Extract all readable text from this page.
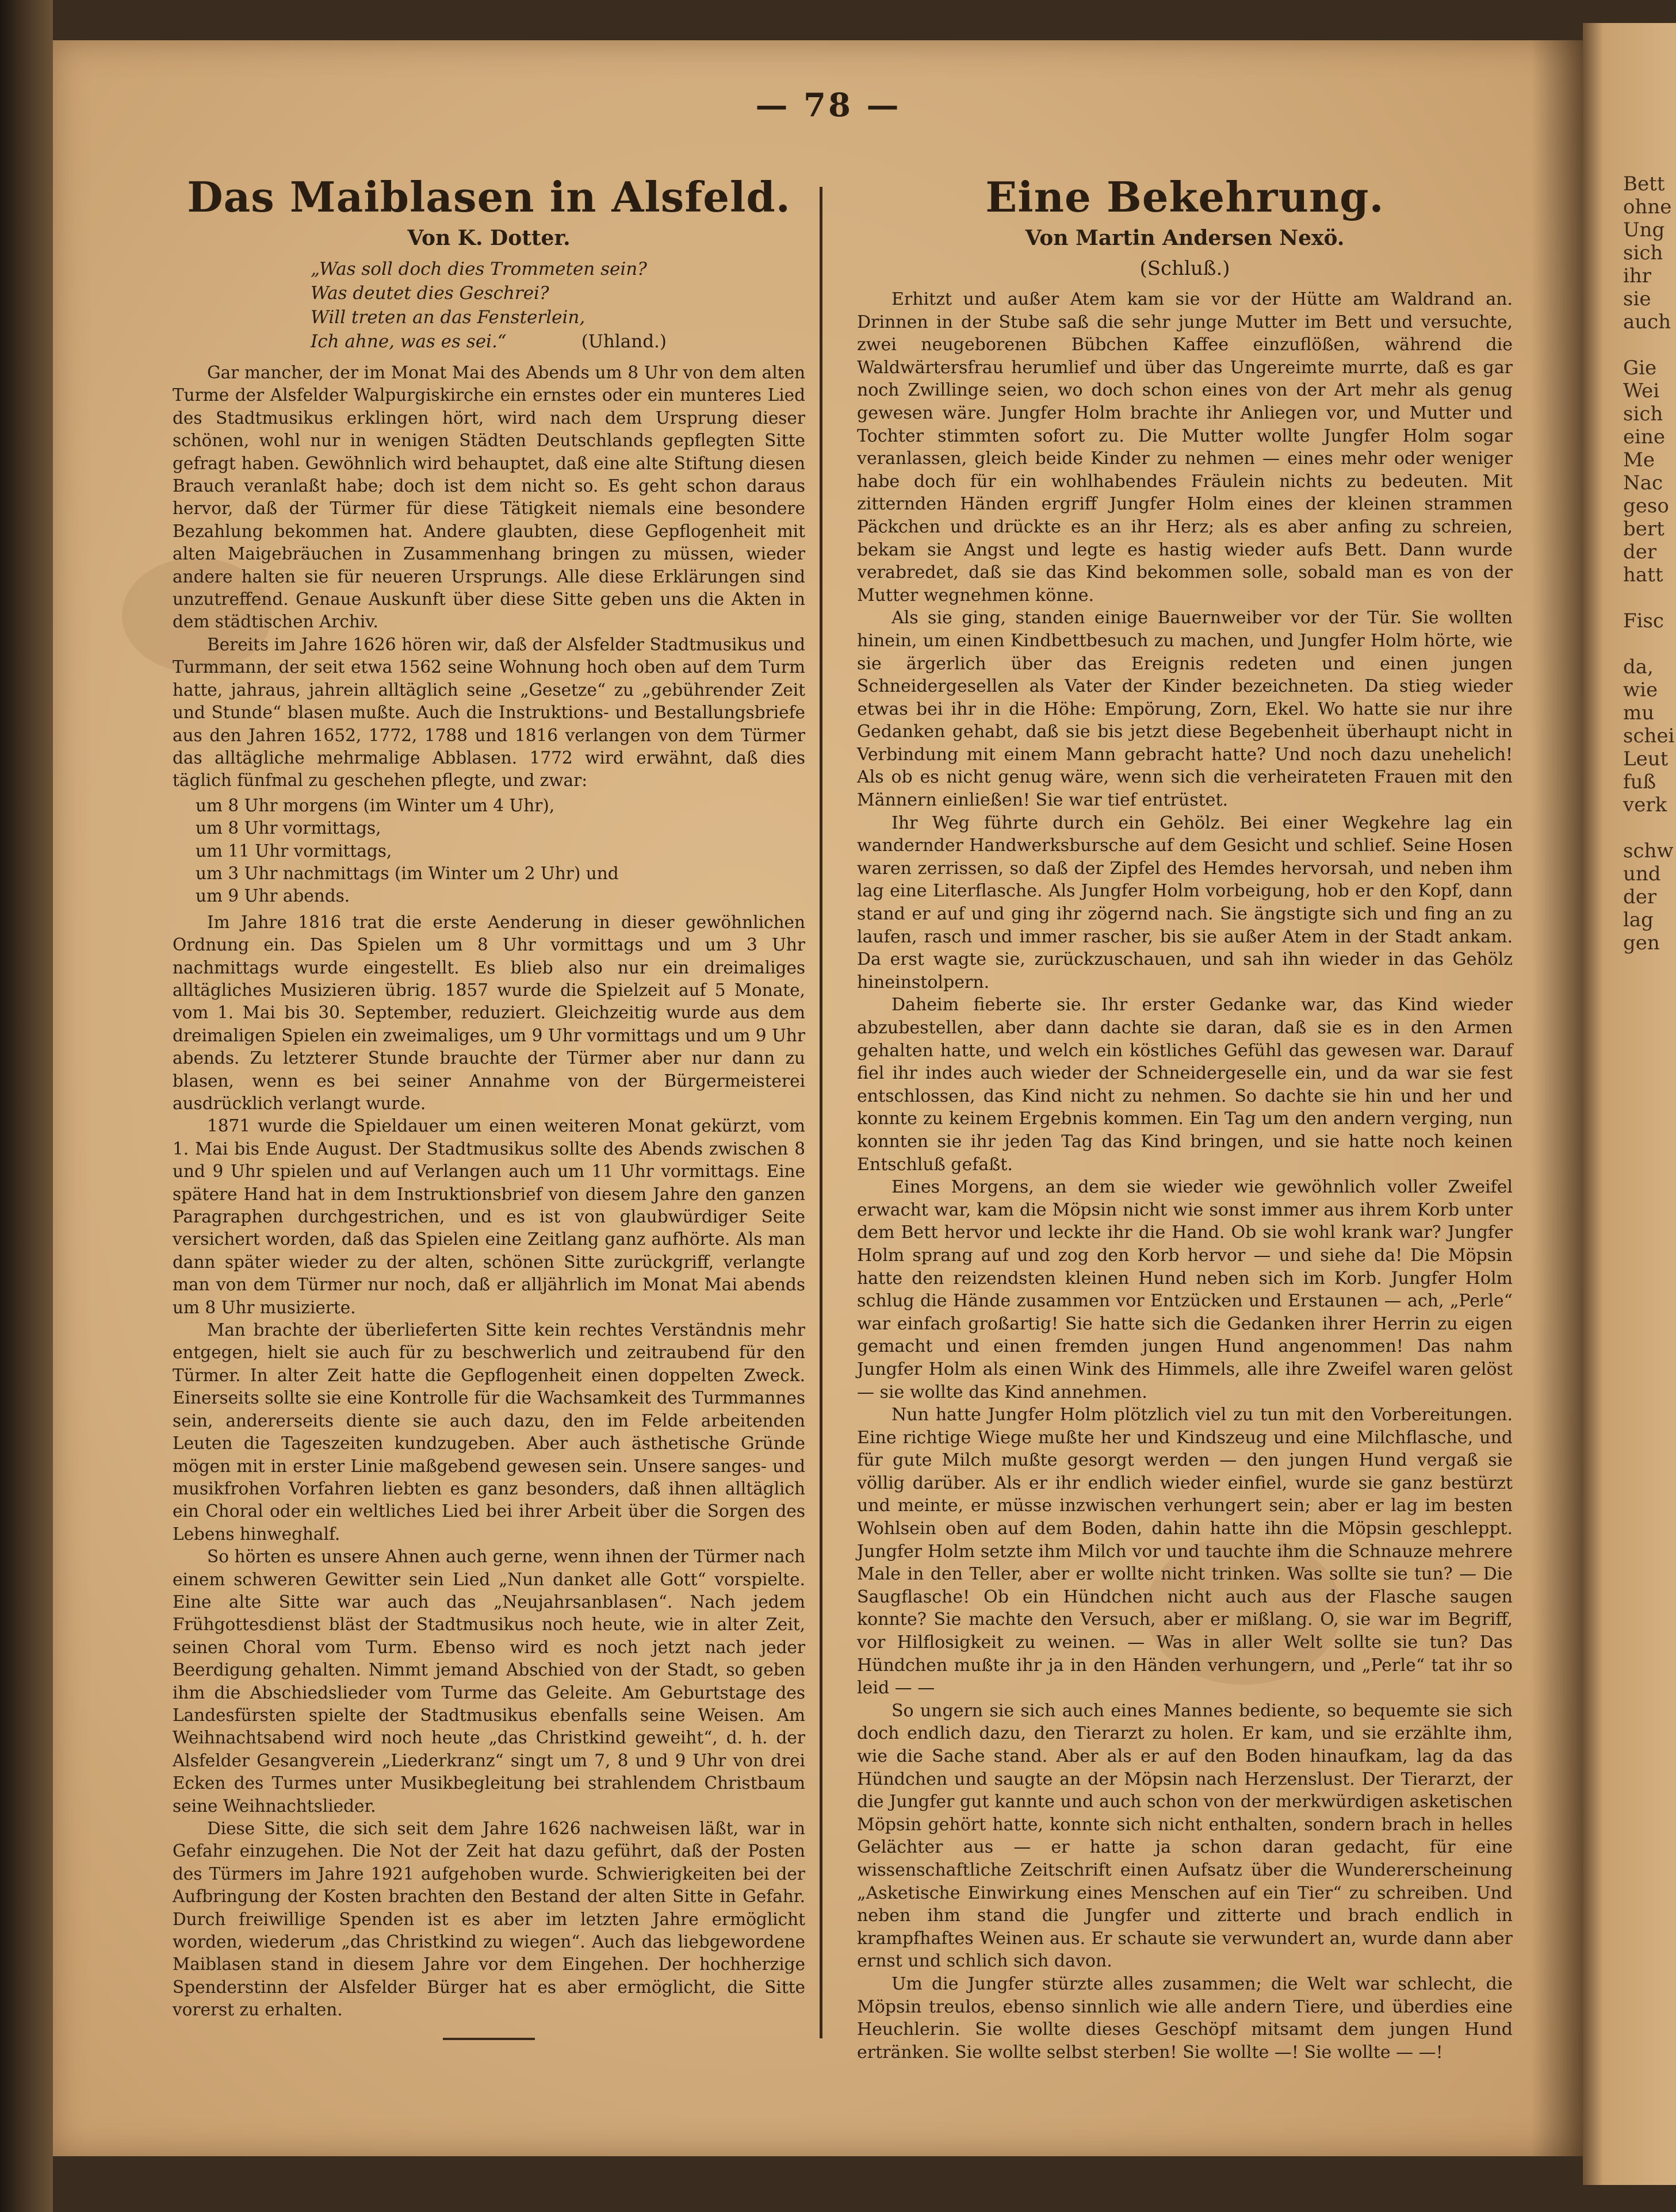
Bett
ohne
Ung
sich
ihr
sie
auch

Gie
Wei
sich
eine
Me
Nac
geso
bert
der
hatt

Fisc

da,
wie
mu
schei
Leut
fuß
verk

schw
und
der
lag
gen
— 78 —
Das Maiblasen in Alsfeld.
Von K. Dotter.
„Was soll doch dies Trommeten sein?
Was deutet dies Geschrei?
Will treten an das Fensterlein,
Ich ahne, was es sei.“	(Uhland.)

Gar mancher, der im Monat Mai des Abends um 8 Uhr von dem alten Turme der Alsfelder Walpurgiskirche ein ernstes oder ein munteres Lied des Stadtmusikus erklingen hört, wird nach dem Ursprung dieser schönen, wohl nur in wenigen Städten Deutschlands gepflegten Sitte gefragt haben. Gewöhnlich wird behauptet, daß eine alte Stiftung diesen Brauch veranlaßt habe; doch ist dem nicht so. Es geht schon daraus hervor, daß der Türmer für diese Tätigkeit niemals eine besondere Bezahlung bekommen hat. Andere glaubten, diese Gepflogenheit mit alten Maigebräuchen in Zusammenhang bringen zu müssen, wieder andere halten sie für neueren Ursprungs. Alle diese Erklärungen sind unzutreffend. Genaue Auskunft über diese Sitte geben uns die Akten in dem städtischen Archiv.

Bereits im Jahre 1626 hören wir, daß der Alsfelder Stadtmusikus und Turmmann, der seit etwa 1562 seine Wohnung hoch oben auf dem Turm hatte, jahraus, jahrein alltäglich seine „Gesetze“ zu „gebührender Zeit und Stunde“ blasen mußte. Auch die Instruktions- und Bestallungsbriefe aus den Jahren 1652, 1772, 1788 und 1816 verlangen von dem Türmer das alltägliche mehrmalige Abblasen. 1772 wird erwähnt, daß dies täglich fünfmal zu geschehen pflegte, und zwar:

um 8 Uhr morgens (im Winter um 4 Uhr),
um 8 Uhr vormittags,
um 11 Uhr vormittags,
um 3 Uhr nachmittags (im Winter um 2 Uhr) und
um 9 Uhr abends.

Im Jahre 1816 trat die erste Aenderung in dieser gewöhnlichen Ordnung ein. Das Spielen um 8 Uhr vormittags und um 3 Uhr nachmittags wurde eingestellt. Es blieb also nur ein dreimaliges alltägliches Musizieren übrig. 1857 wurde die Spielzeit auf 5 Monate, vom 1. Mai bis 30. September, reduziert. Gleichzeitig wurde aus dem dreimaligen Spielen ein zweimaliges, um 9 Uhr vormittags und um 9 Uhr abends. Zu letzterer Stunde brauchte der Türmer aber nur dann zu blasen, wenn es bei seiner Annahme von der Bürgermeisterei ausdrücklich verlangt wurde.

1871 wurde die Spieldauer um einen weiteren Monat gekürzt, vom 1. Mai bis Ende August. Der Stadtmusikus sollte des Abends zwischen 8 und 9 Uhr spielen und auf Verlangen auch um 11 Uhr vormittags. Eine spätere Hand hat in dem Instruktionsbrief von diesem Jahre den ganzen Paragraphen durchgestrichen, und es ist von glaubwürdiger Seite versichert worden, daß das Spielen eine Zeitlang ganz aufhörte. Als man dann später wieder zu der alten, schönen Sitte zurückgriff, verlangte man von dem Türmer nur noch, daß er alljährlich im Monat Mai abends um 8 Uhr musizierte.

Man brachte der überlieferten Sitte kein rechtes Verständnis mehr entgegen, hielt sie auch für zu beschwerlich und zeitraubend für den Türmer. In alter Zeit hatte die Gepflogenheit einen doppelten Zweck. Einerseits sollte sie eine Kontrolle für die Wachsamkeit des Turmmannes sein, andererseits diente sie auch dazu, den im Felde arbeitenden Leuten die Tageszeiten kundzugeben. Aber auch ästhetische Gründe mögen mit in erster Linie maßgebend gewesen sein. Unsere sanges- und musikfrohen Vorfahren liebten es ganz besonders, daß ihnen alltäglich ein Choral oder ein weltliches Lied bei ihrer Arbeit über die Sorgen des Lebens hinweghalf.

So hörten es unsere Ahnen auch gerne, wenn ihnen der Türmer nach einem schweren Gewitter sein Lied „Nun danket alle Gott“ vorspielte. Eine alte Sitte war auch das „Neujahrsanblasen“. Nach jedem Frühgottesdienst bläst der Stadtmusikus noch heute, wie in alter Zeit, seinen Choral vom Turm. Ebenso wird es noch jetzt nach jeder Beerdigung gehalten. Nimmt jemand Abschied von der Stadt, so geben ihm die Abschiedslieder vom Turme das Geleite. Am Geburtstage des Landesfürsten spielte der Stadtmusikus ebenfalls seine Weisen. Am Weihnachtsabend wird noch heute „das Christkind geweiht“, d. h. der Alsfelder Gesangverein „Liederkranz“ singt um 7, 8 und 9 Uhr von drei Ecken des Turmes unter Musikbegleitung bei strahlendem Christbaum seine Weihnachtslieder.

Diese Sitte, die sich seit dem Jahre 1626 nachweisen läßt, war in Gefahr einzugehen. Die Not der Zeit hat dazu geführt, daß der Posten des Türmers im Jahre 1921 aufgehoben wurde. Schwierigkeiten bei der Aufbringung der Kosten brachten den Bestand der alten Sitte in Gefahr. Durch freiwillige Spenden ist es aber im letzten Jahre ermöglicht worden, wiederum „das Christkind zu wiegen“. Auch das liebgewordene Maiblasen stand in diesem Jahre vor dem Eingehen. Der hochherzige Spenderstinn der Alsfelder Bürger hat es aber ermöglicht, die Sitte vorerst zu erhalten.

Eine Bekehrung.
Von Martin Andersen Nexö.
(Schluß.)

Erhitzt und außer Atem kam sie vor der Hütte am Waldrand an. Drinnen in der Stube saß die sehr junge Mutter im Bett und versuchte, zwei neugeborenen Bübchen Kaffee einzuflößen, während die Waldwärtersfrau herumlief und über das Ungereimte murrte, daß es gar noch Zwillinge seien, wo doch schon eines von der Art mehr als genug gewesen wäre. Jungfer Holm brachte ihr Anliegen vor, und Mutter und Tochter stimmten sofort zu. Die Mutter wollte Jungfer Holm sogar veranlassen, gleich beide Kinder zu nehmen — eines mehr oder weniger habe doch für ein wohlhabendes Fräulein nichts zu bedeuten. Mit zitternden Händen ergriff Jungfer Holm eines der kleinen strammen Päckchen und drückte es an ihr Herz; als es aber anfing zu schreien, bekam sie Angst und legte es hastig wieder aufs Bett. Dann wurde verabredet, daß sie das Kind bekommen solle, sobald man es von der Mutter wegnehmen könne.

Als sie ging, standen einige Bauernweiber vor der Tür. Sie wollten hinein, um einen Kindbettbesuch zu machen, und Jungfer Holm hörte, wie sie ärgerlich über das Ereignis redeten und einen jungen Schneidergesellen als Vater der Kinder bezeichneten. Da stieg wieder etwas bei ihr in die Höhe: Empörung, Zorn, Ekel. Wo hatte sie nur ihre Gedanken gehabt, daß sie bis jetzt diese Begebenheit überhaupt nicht in Verbindung mit einem Mann gebracht hatte? Und noch dazu unehelich! Als ob es nicht genug wäre, wenn sich die verheirateten Frauen mit den Männern einließen! Sie war tief entrüstet.

Ihr Weg führte durch ein Gehölz. Bei einer Wegkehre lag ein wandernder Handwerksbursche auf dem Gesicht und schlief. Seine Hosen waren zerrissen, so daß der Zipfel des Hemdes hervorsah, und neben ihm lag eine Literflasche. Als Jungfer Holm vorbeigung, hob er den Kopf, dann stand er auf und ging ihr zögernd nach. Sie ängstigte sich und fing an zu laufen, rasch und immer rascher, bis sie außer Atem in der Stadt ankam. Da erst wagte sie, zurückzuschauen, und sah ihn wieder in das Gehölz hineinstolpern.

Daheim fieberte sie. Ihr erster Gedanke war, das Kind wieder abzubestellen, aber dann dachte sie daran, daß sie es in den Armen gehalten hatte, und welch ein köstliches Gefühl das gewesen war. Darauf fiel ihr indes auch wieder der Schneidergeselle ein, und da war sie fest entschlossen, das Kind nicht zu nehmen. So dachte sie hin und her und konnte zu keinem Ergebnis kommen. Ein Tag um den andern verging, nun konnten sie ihr jeden Tag das Kind bringen, und sie hatte noch keinen Entschluß gefaßt.

Eines Morgens, an dem sie wieder wie gewöhnlich voller Zweifel erwacht war, kam die Möpsin nicht wie sonst immer aus ihrem Korb unter dem Bett hervor und leckte ihr die Hand. Ob sie wohl krank war? Jungfer Holm sprang auf und zog den Korb hervor — und siehe da! Die Möpsin hatte den reizendsten kleinen Hund neben sich im Korb. Jungfer Holm schlug die Hände zusammen vor Entzücken und Erstaunen — ach, „Perle“ war einfach großartig! Sie hatte sich die Gedanken ihrer Herrin zu eigen gemacht und einen fremden jungen Hund angenommen! Das nahm Jungfer Holm als einen Wink des Himmels, alle ihre Zweifel waren gelöst — sie wollte das Kind annehmen.

Nun hatte Jungfer Holm plötzlich viel zu tun mit den Vorbereitungen. Eine richtige Wiege mußte her und Kindszeug und eine Milchflasche, und für gute Milch mußte gesorgt werden — den jungen Hund vergaß sie völlig darüber. Als er ihr endlich wieder einfiel, wurde sie ganz bestürzt und meinte, er müsse inzwischen verhungert sein; aber er lag im besten Wohlsein oben auf dem Boden, dahin hatte ihn die Möpsin geschleppt. Jungfer Holm setzte ihm Milch vor und tauchte ihm die Schnauze mehrere Male in den Teller, aber er wollte nicht trinken. Was sollte sie tun? — Die Saugflasche! Ob ein Hündchen nicht auch aus der Flasche saugen konnte? Sie machte den Versuch, aber er mißlang. O, sie war im Begriff, vor Hilflosigkeit zu weinen. — Was in aller Welt sollte sie tun? Das Hündchen mußte ihr ja in den Händen verhungern, und „Perle“ tat ihr so leid — —

So ungern sie sich auch eines Mannes bediente, so bequemte sie sich doch endlich dazu, den Tierarzt zu holen. Er kam, und sie erzählte ihm, wie die Sache stand. Aber als er auf den Boden hinaufkam, lag da das Hündchen und saugte an der Möpsin nach Herzenslust. Der Tierarzt, der die Jungfer gut kannte und auch schon von der merkwürdigen asketischen Möpsin gehört hatte, konnte sich nicht enthalten, sondern brach in helles Gelächter aus — er hatte ja schon daran gedacht, für eine wissenschaftliche Zeitschrift einen Aufsatz über die Wundererscheinung „Asketische Einwirkung eines Menschen auf ein Tier“ zu schreiben. Und neben ihm stand die Jungfer und zitterte und brach endlich in krampfhaftes Weinen aus. Er schaute sie verwundert an, wurde dann aber ernst und schlich sich davon.

Um die Jungfer stürzte alles zusammen; die Welt war schlecht, die Möpsin treulos, ebenso sinnlich wie alle andern Tiere, und überdies eine Heuchlerin. Sie wollte dieses Geschöpf mitsamt dem jungen Hund ertränken. Sie wollte selbst sterben! Sie wollte —! Sie wollte — —!
